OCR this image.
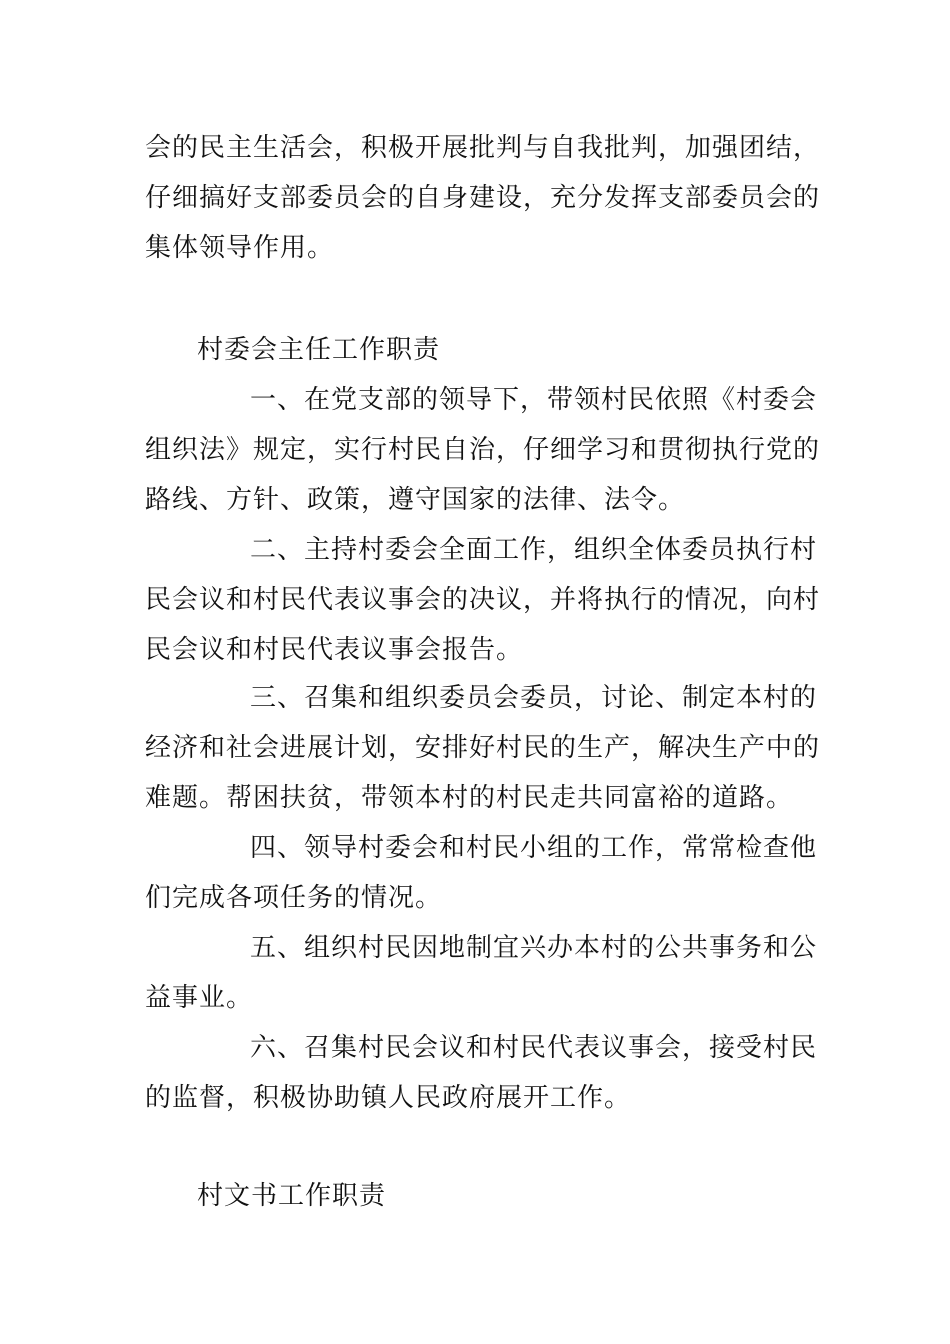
会的民主生活会，积极开展批判与自我批判，加强团结，
仔细搞好支部委员会的自身建设，充分发挥支部委员会的
集体领导作用。
村委会主任工作职责
一、在党支部的领导下，带领村民依照《村委会
组织法》规定，实行村民自治，仔细学习和贯彻执行党的
路线、方针、政策，遵守国家的法律、法令。
二、主持村委会全面工作，组织全体委员执行村
民会议和村民代表议事会的决议，并将执行的情况，向村
民会议和村民代表议事会报告。
三、召集和组织委员会委员，讨论、制定本村的
经济和社会进展计划，安排好村民的生产，解决生产中的
难题。帮困扶贫，带领本村的村民走共同富裕的道路。
四、领导村委会和村民小组的工作，常常检查他
们完成各项任务的情况。
五、组织村民因地制宜兴办本村的公共事务和公
益事业。
六、召集村民会议和村民代表议事会，接受村民
的监督，积极协助镇人民政府展开工作。
村文书工作职责
